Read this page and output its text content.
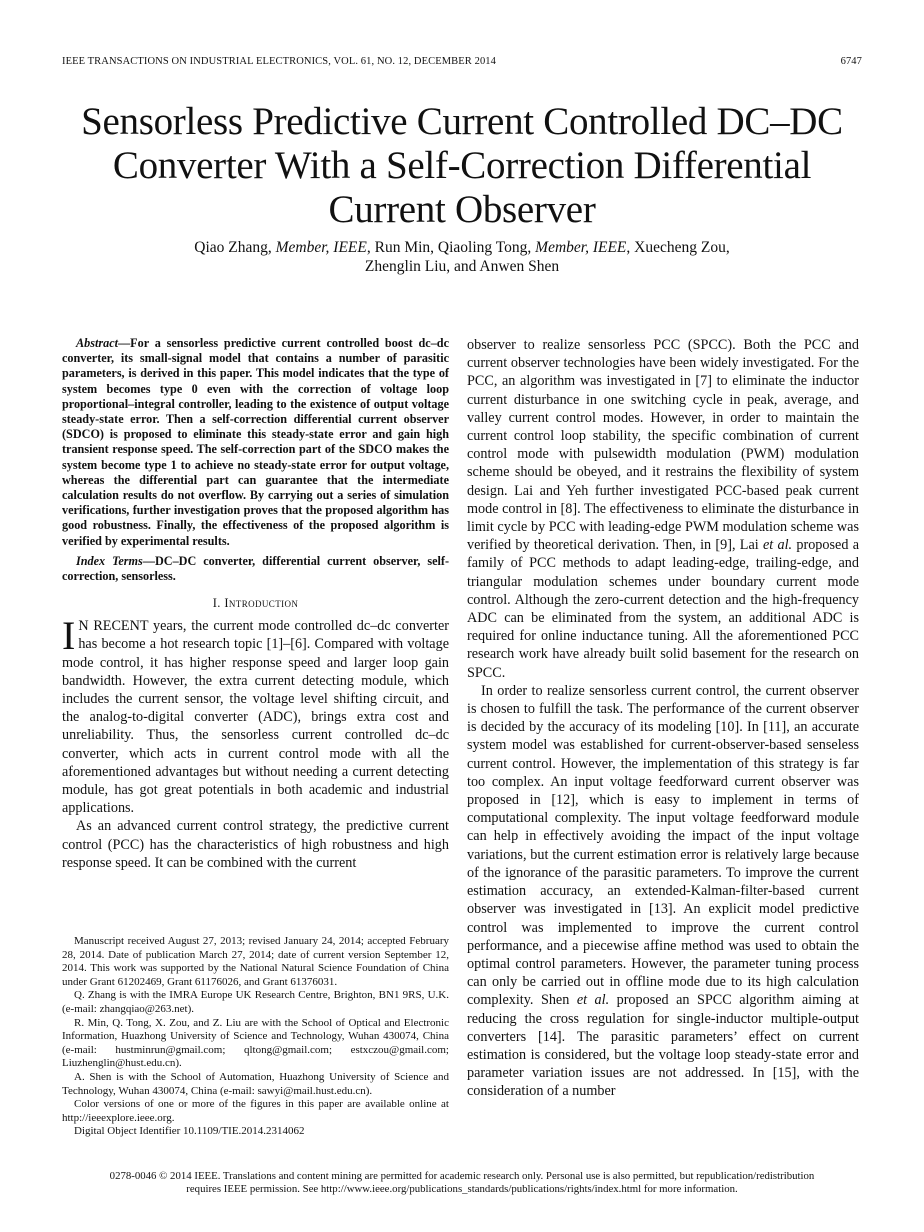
IEEE TRANSACTIONS ON INDUSTRIAL ELECTRONICS, VOL. 61, NO. 12, DECEMBER 2014	6747
Sensorless Predictive Current Controlled DC–DC
Converter With a Self-Correction Differential
Current Observer
Qiao Zhang, Member, IEEE, Run Min, Qiaoling Tong, Member, IEEE, Xuecheng Zou,
Zhenglin Liu, and Anwen Shen

Abstract—For a sensorless predictive current controlled boost dc–dc converter, its small-signal model that contains a number of parasitic parameters, is derived in this paper. This model indicates that the type of system becomes type 0 even with the correction of voltage loop proportional–integral controller, leading to the existence of output voltage steady-state error. Then a self-correction differential current observer (SDCO) is proposed to eliminate this steady-state error and gain high transient response speed. The self-correction part of the SDCO makes the system become type 1 to achieve no steady-state error for output voltage, whereas the differential part can guarantee that the intermediate calculation results do not overflow. By carrying out a series of simulation verifications, further investigation proves that the proposed algorithm has good robustness. Finally, the effectiveness of the proposed algorithm is verified by experimental results.

Index Terms—DC–DC converter, differential current observer, self-correction, sensorless.

I. Introduction

I N RECENT years, the current mode controlled dc–dc converter has become a hot research topic [1]–[6]. Compared with voltage mode control, it has higher response speed and larger loop gain bandwidth. However, the extra current detecting module, which includes the current sensor, the voltage level shifting circuit, and the analog-to-digital converter (ADC), brings extra cost and unreliability. Thus, the sensorless current controlled dc–dc converter, which acts in current control mode with all the aforementioned advantages but without needing a current detecting module, has got great potentials in both academic and industrial applications.

As an advanced current control strategy, the predictive current control (PCC) has the characteristics of high robustness and high response speed. It can be combined with the current

observer to realize sensorless PCC (SPCC). Both the PCC and current observer technologies have been widely investigated. For the PCC, an algorithm was investigated in [7] to eliminate the inductor current disturbance in one switching cycle in peak, average, and valley current control modes. However, in order to maintain the current control loop stability, the specific combination of current control mode with pulsewidth modulation (PWM) modulation scheme should be obeyed, and it restrains the flexibility of system design. Lai and Yeh further investigated PCC-based peak current mode control in [8]. The effectiveness to eliminate the disturbance in limit cycle by PCC with leading-edge PWM modulation scheme was verified by theoretical derivation. Then, in [9], Lai et al. proposed a family of PCC methods to adapt leading-edge, trailing-edge, and triangular modulation schemes under boundary current mode control. Although the zero-current detection and the high-frequency ADC can be eliminated from the system, an additional ADC is required for online inductance tuning. All the aforementioned PCC research work have already built solid basement for the research on SPCC.

In order to realize sensorless current control, the current observer is chosen to fulfill the task. The performance of the current observer is decided by the accuracy of its modeling [10]. In [11], an accurate system model was established for current-observer-based senseless current control. However, the implementation of this strategy is far too complex. An input voltage feedforward current observer was proposed in [12], which is easy to implement in terms of computational complexity. The input voltage feedforward module can help in effectively avoiding the impact of the input voltage variations, but the current estimation error is relatively large because of the ignorance of the parasitic parameters. To improve the current estimation accuracy, an extended-Kalman-filter-based current observer was investigated in [13]. An explicit model predictive control was implemented to improve the current control performance, and a piecewise affine method was used to obtain the optimal control parameters. However, the parameter tuning process can only be carried out in offline mode due to its high calculation complexity. Shen et al. proposed an SPCC algorithm aiming at reducing the cross regulation for single-inductor multiple-output converters [14]. The parasitic parameters’ effect on current estimation is considered, but the voltage loop steady-state error and parameter variation issues are not addressed. In [15], with the consideration of a number

Manuscript received August 27, 2013; revised January 24, 2014; accepted February 28, 2014. Date of publication March 27, 2014; date of current version September 12, 2014. This work was supported by the National Natural Science Foundation of China under Grant 61202469, Grant 61176026, and Grant 61376031.

Q. Zhang is with the IMRA Europe UK Research Centre, Brighton, BN1 9RS, U.K. (e-mail: zhangqiao@263.net).

R. Min, Q. Tong, X. Zou, and Z. Liu are with the School of Optical and Electronic Information, Huazhong University of Science and Technology, Wuhan 430074, China (e-mail: hustminrun@gmail.com; qltong@gmail.com; estxczou@gmail.com; Liuzhenglin@hust.edu.cn).

A. Shen is with the School of Automation, Huazhong University of Science and Technology, Wuhan 430074, China (e-mail: sawyi@mail.hust.edu.cn).

Color versions of one or more of the figures in this paper are available online at http://ieeexplore.ieee.org.

Digital Object Identifier 10.1109/TIE.2014.2314062

0278-0046 © 2014 IEEE. Translations and content mining are permitted for academic research only. Personal use is also permitted, but republication/redistribution
requires IEEE permission. See http://www.ieee.org/publications_standards/publications/rights/index.html for more information.
